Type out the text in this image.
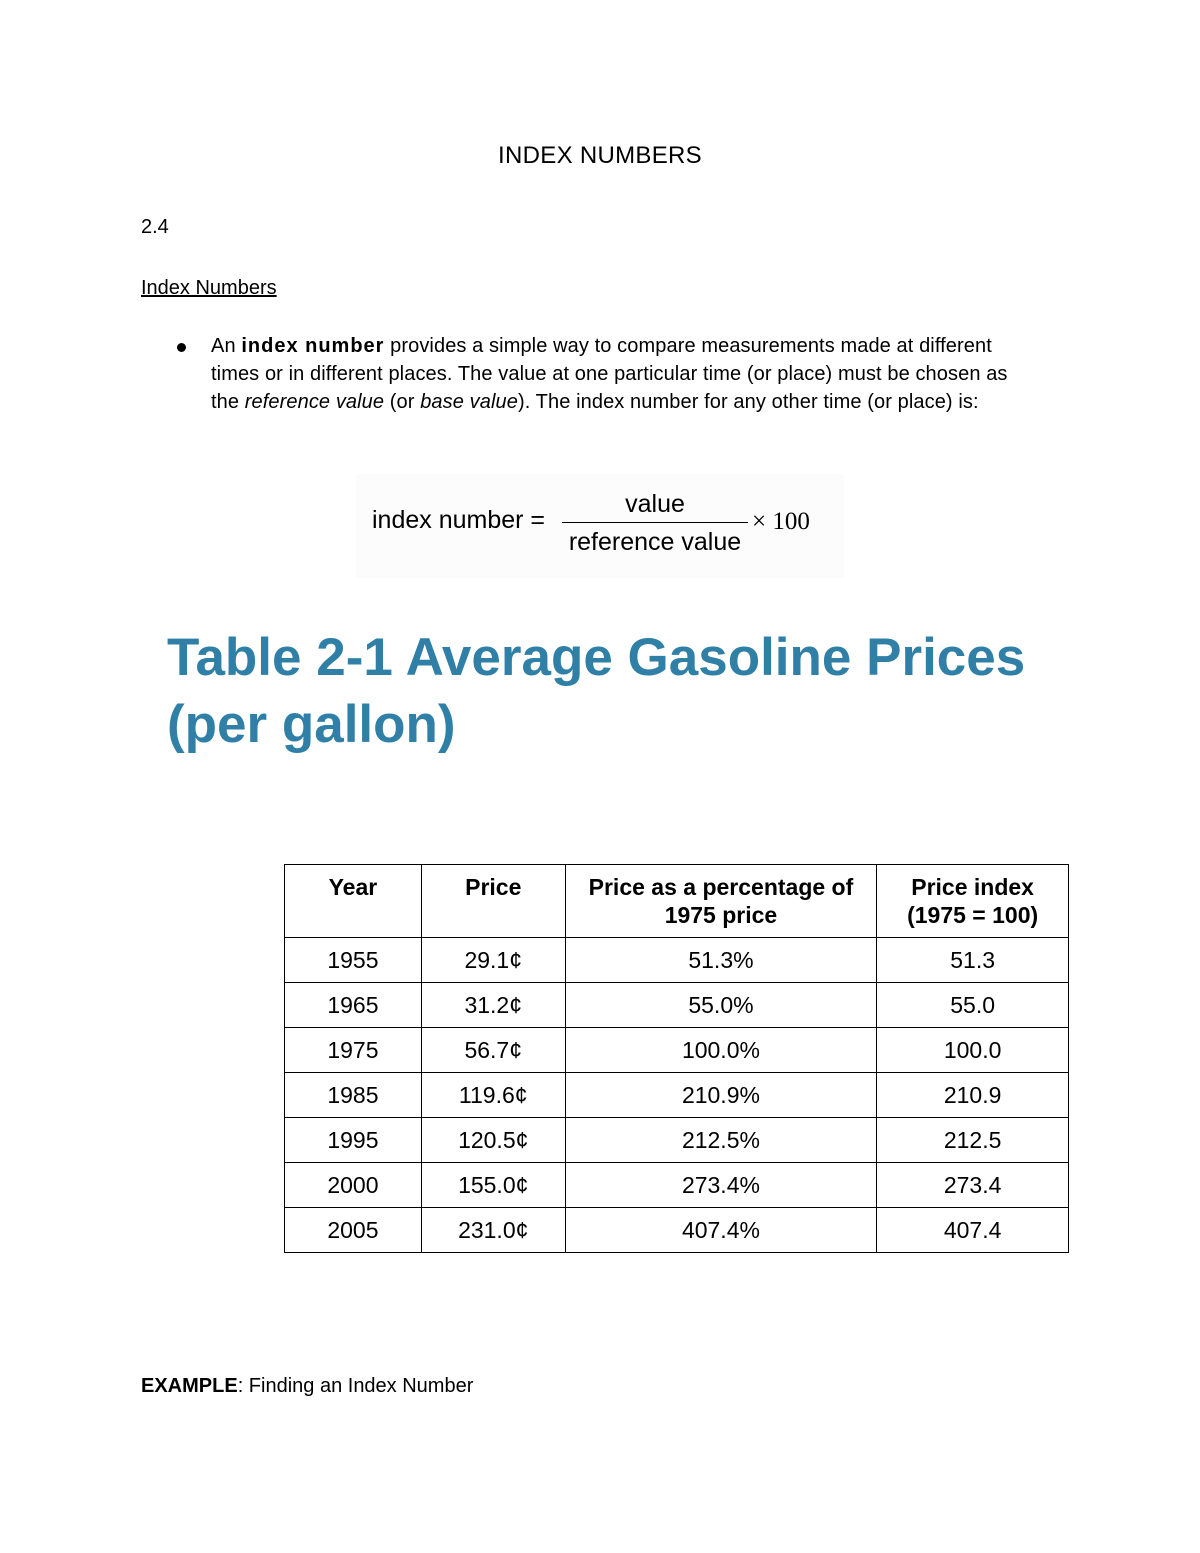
INDEX NUMBERS
2.4
Index Numbers
An index number provides a simple way to compare measurements made at different times or in different places. The value at one particular time (or place) must be chosen as the reference value (or base value). The index number for any other time (or place) is:
index number =
value
reference value
× 100
Table 2-1 Average Gasoline Prices (per gallon)
Year	Price	Price as a percentage of 1975 price	Price index (1975 = 100)
1955	29.1¢	51.3%	51.3
1965	31.2¢	55.0%	55.0
1975	56.7¢	100.0%	100.0
1985	119.6¢	210.9%	210.9
1995	120.5¢	212.5%	212.5
2000	155.0¢	273.4%	273.4
2005	231.0¢	407.4%	407.4
EXAMPLE: Finding an Index Number
